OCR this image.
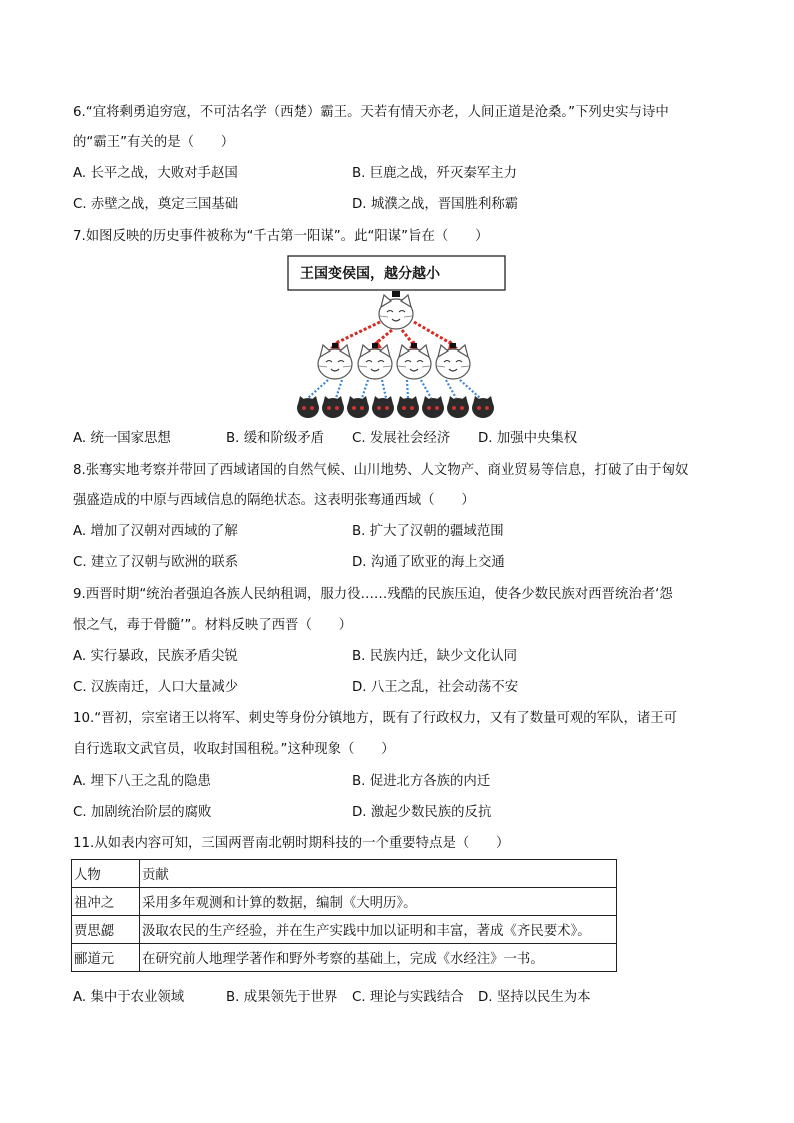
6.“宜将剩勇追穷寇，不可沽名学（西楚）霸王。天若有情天亦老，人间正道是沧桑。”下列史实与诗中
的“霸王”有关的是（　　）
A. 长平之战，大败对手赵国	B. 巨鹿之战，歼灭秦军主力
C. 赤壁之战，奠定三国基础	D. 城濮之战，晋国胜利称霸
7.如图反映的历史事件被称为“千古第一阳谋”。此“阳谋”旨在（　　）
王国变侯国，越分越小
A. 统一国家思想	B. 缓和阶级矛盾 C. 发展社会经济 D. 加强中央集权
8.张骞实地考察并带回了西域诸国的自然气候、山川地势、人文物产、商业贸易等信息，打破了由于匈奴
强盛造成的中原与西域信息的隔绝状态。这表明张骞通西域（　　）
A. 增加了汉朝对西域的了解	B. 扩大了汉朝的疆域范围
C. 建立了汉朝与欧洲的联系	D. 沟通了欧亚的海上交通
9.西晋时期“统治者强迫各族人民纳租调，服力役……残酷的民族压迫，使各少数民族对西晋统治者‘怨
恨之气，毒于骨髓’”。材料反映了西晋（　　）
A. 实行暴政，民族矛盾尖锐	B. 民族内迁，缺少文化认同
C. 汉族南迁，人口大量减少	D. 八王之乱，社会动荡不安
10.“晋初，宗室诸王以将军、刺史等身份分镇地方，既有了行政权力，又有了数量可观的军队，诸王可
自行选取文武官员，收取封国租税。”这种现象（　　）
A. 埋下八王之乱的隐患	B. 促进北方各族的内迁
C. 加剧统治阶层的腐败	D. 激起少数民族的反抗
11.从如表内容可知，三国两晋南北朝时期科技的一个重要特点是（　　）
人物	贡献
祖冲之	采用多年观测和计算的数据，编制《大明历》。
贾思勰	汲取农民的生产经验，并在生产实践中加以证明和丰富，著成《齐民要术》。
郦道元	在研究前人地理学著作和野外考察的基础上，完成《水经注》一书。
A. 集中于农业领域	B. 成果领先于世界 C. 理论与实践结合 D. 坚持以民生为本
